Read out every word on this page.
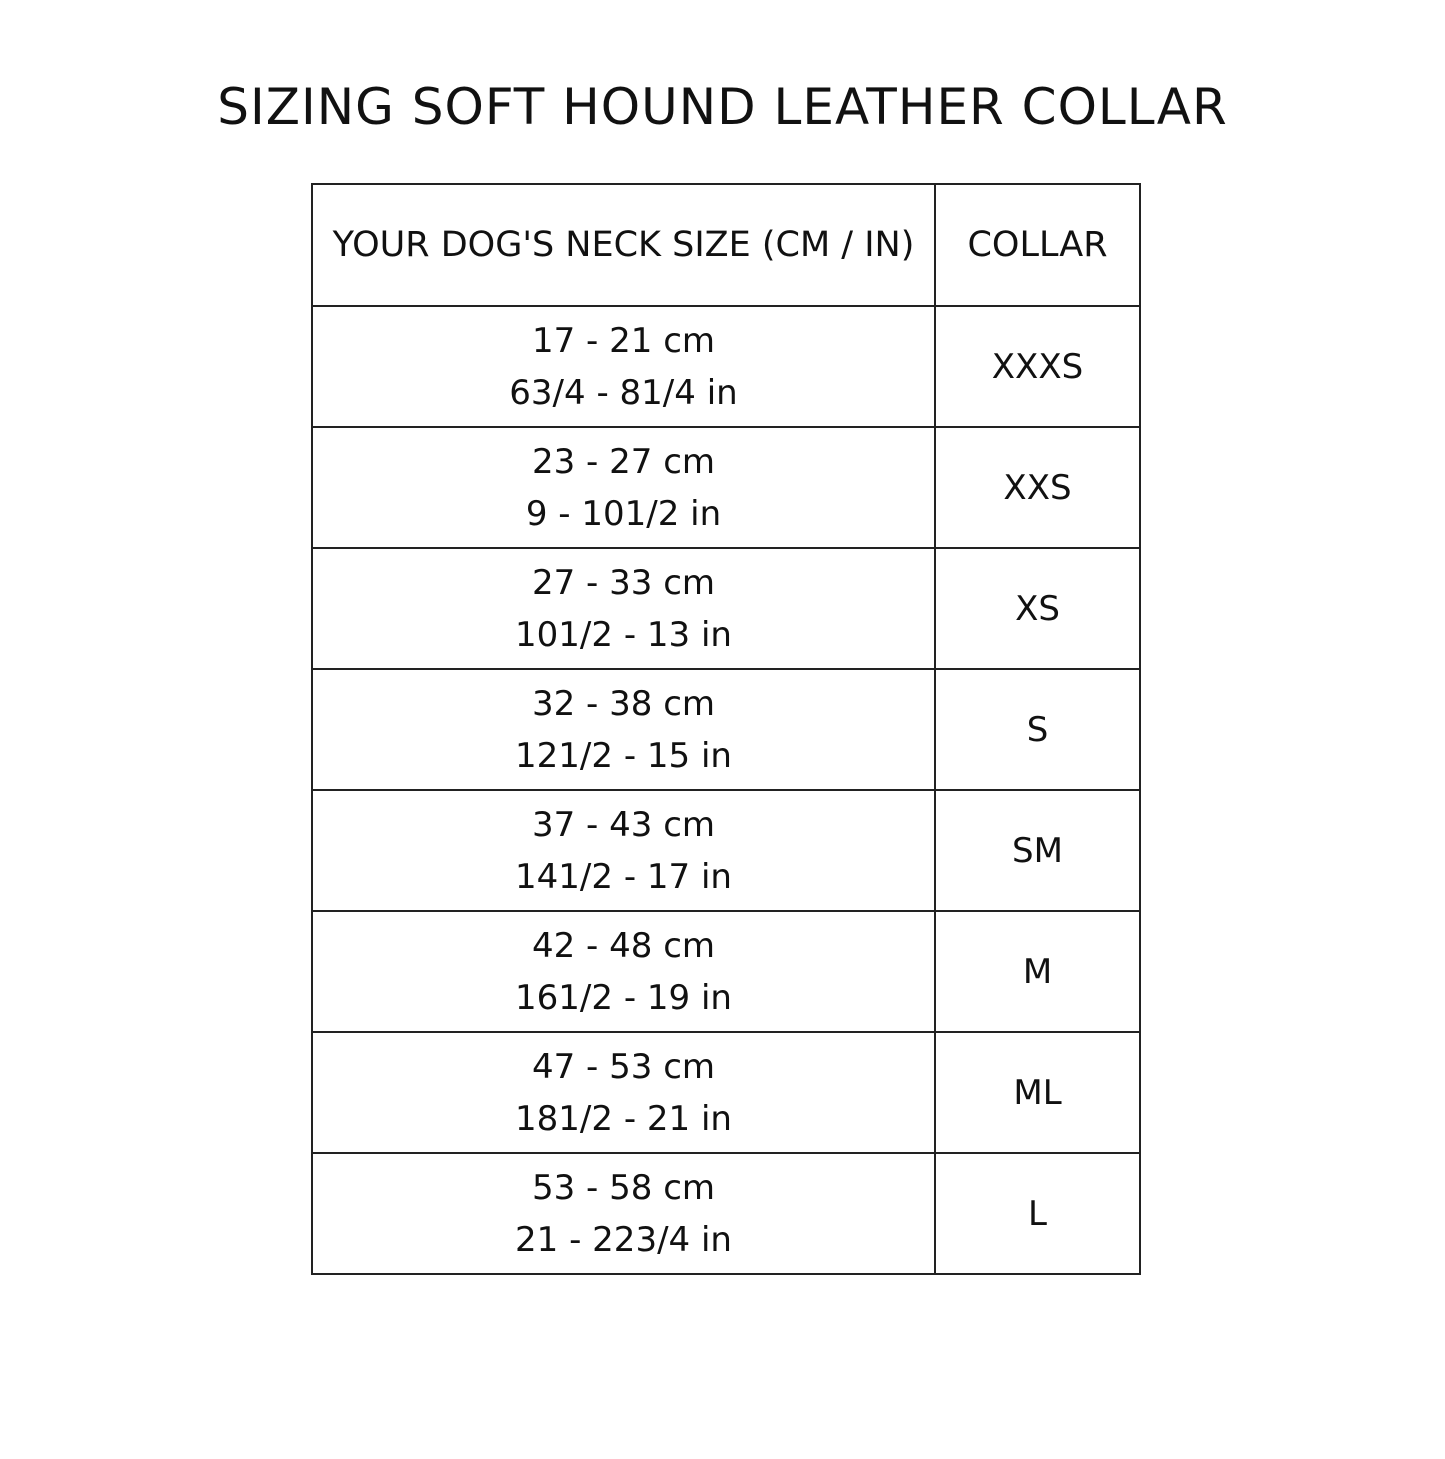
SIZING SOFT HOUND LEATHER COLLAR
YOUR DOG'S NECK SIZE (CM / IN)	COLLAR

17 - 21 cm
63/4 - 81/4 in	XXXS

23 - 27 cm
9 - 101/2 in	XXS

27 - 33 cm
101/2 - 13 in	XS

32 - 38 cm
121/2 - 15 in	S

37 - 43 cm
141/2 - 17 in	SM

42 - 48 cm
161/2 - 19 in	M

47 - 53 cm
181/2 - 21 in	ML

53 - 58 cm
21 - 223/4 in	L
